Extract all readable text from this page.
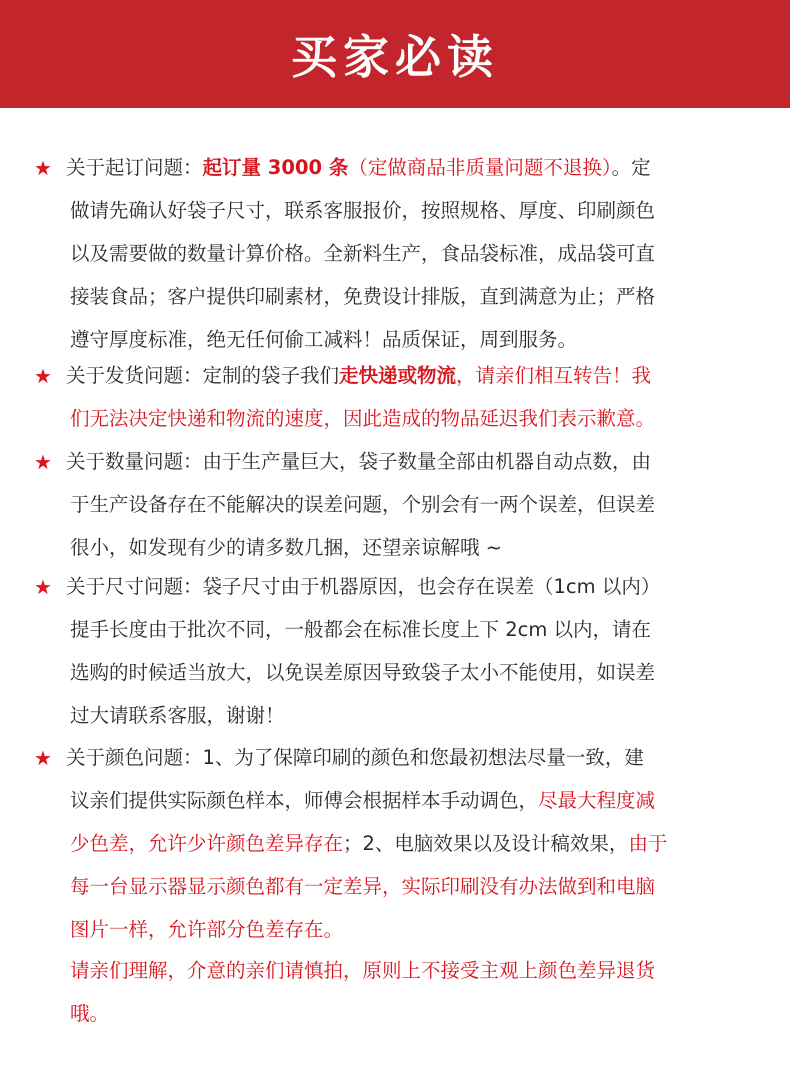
买家必读
★ 关于起订问题：起订量 3000 条（定做商品非质量问题不退换）。定
做请先确认好袋子尺寸，联系客服报价，按照规格、厚度、印刷颜色
以及需要做的数量计算价格。全新料生产，食品袋标准，成品袋可直
接装食品；客户提供印刷素材，免费设计排版，直到满意为止；严格
遵守厚度标准，绝无任何偷工减料！品质保证，周到服务。
★ 关于发货问题：定制的袋子我们走快递或物流，请亲们相互转告！我
们无法决定快递和物流的速度，因此造成的物品延迟我们表示歉意。
★ 关于数量问题：由于生产量巨大，袋子数量全部由机器自动点数，由
于生产设备存在不能解决的误差问题，个别会有一两个误差，但误差
很小，如发现有少的请多数几捆，还望亲谅解哦 ~
★ 关于尺寸问题：袋子尺寸由于机器原因，也会存在误差（1cm 以内）
提手长度由于批次不同，一般都会在标准长度上下 2cm 以内，请在
选购的时候适当放大，以免误差原因导致袋子太小不能使用，如误差
过大请联系客服，谢谢！
★ 关于颜色问题：1、为了保障印刷的颜色和您最初想法尽量一致，建
议亲们提供实际颜色样本，师傅会根据样本手动调色，尽最大程度减
少色差，允许少许颜色差异存在；2、电脑效果以及设计稿效果，由于
每一台显示器显示颜色都有一定差异，实际印刷没有办法做到和电脑
图片一样，允许部分色差存在。
请亲们理解，介意的亲们请慎拍，原则上不接受主观上颜色差异退货
哦。
